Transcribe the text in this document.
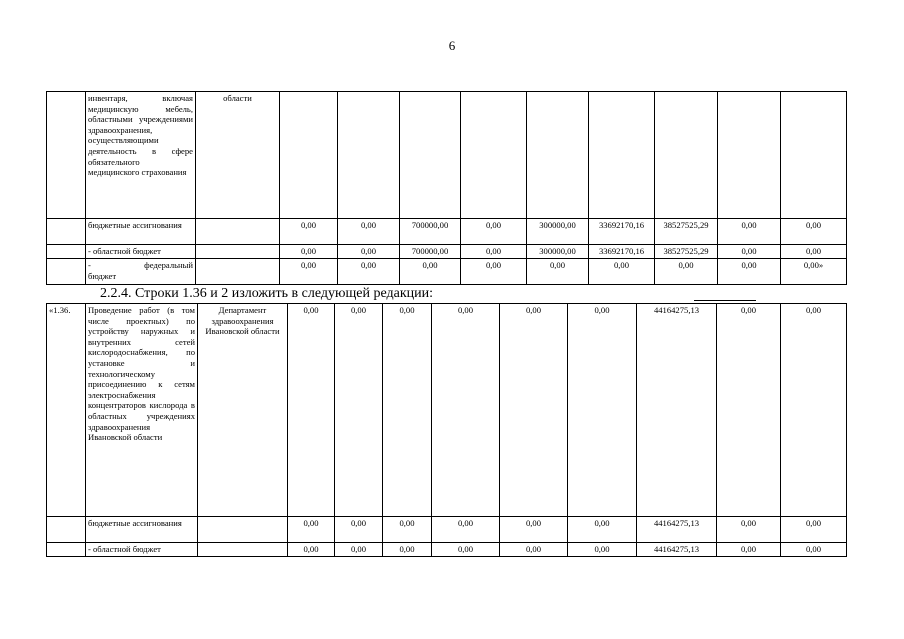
6
	инвентаря, включая медицинскую мебель, областными учреждениями здравоохранения, осуществляющими деятельность в сфере обязательного медицинского страхования	области									
	бюджетные ассигнования		0,00	0,00	700000,00	0,00	300000,00	33692170,16	38527525,29	0,00	0,00
	- областной бюджет		0,00	0,00	700000,00	0,00	300000,00	33692170,16	38527525,29	0,00	0,00

	- федеральный
бюджет		0,00	0,00	0,00	0,00	0,00	0,00	0,00	0,00	0,00»
2.2.4. Строки 1.36 и 2 изложить в следующей редакции:
«1.36.	Проведение работ (в том числе проектных) по устройству наружных и внутренних сетей кислородоснабжения, по установке и технологическому присоединению к сетям электроснабжения концентраторов кислорода в областных учреждениях здравоохранения Ивановской области	Департамент здравоохранения Ивановской области	0,00	0,00	0,00	0,00	0,00	0,00	44164275,13	0,00	0,00
	бюджетные ассигнования		0,00	0,00	0,00	0,00	0,00	0,00	44164275,13	0,00	0,00
	- областной бюджет		0,00	0,00	0,00	0,00	0,00	0,00	44164275,13	0,00	0,00
